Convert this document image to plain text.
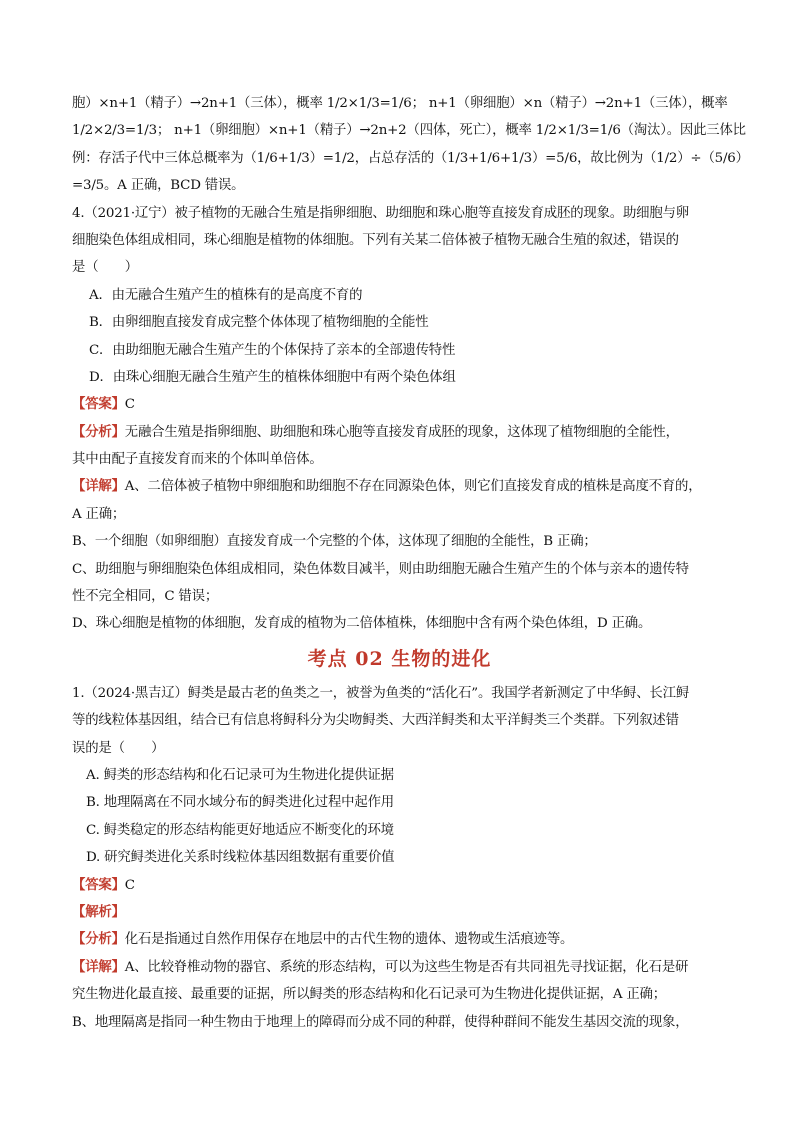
胞）×n+1（精子）→2n+1（三体），概率 1/2×1/3=1/6； n+1（卵细胞）×n（精子）→2n+1（三体），概率
1/2×2/3=1/3； n+1（卵细胞）×n+1（精子）→2n+2（四体，死亡），概率 1/2×1/3=1/6（淘汰）。因此三体比
例：存活子代中三体总概率为（1/6+1/3）=1/2，占总存活的（1/3+1/6+1/3）=5/6，故比例为（1/2）÷（5/6）
=3/5。A 正确，BCD 错误。
4.（2021·辽宁）被子植物的无融合生殖是指卵细胞、助细胞和珠心胞等直接发育成胚的现象。助细胞与卵
细胞染色体组成相同，珠心细胞是植物的体细胞。下列有关某二倍体被子植物无融合生殖的叙述，错误的
是（　　）
A．由无融合生殖产生的植株有的是高度不育的
B．由卵细胞直接发育成完整个体体现了植物细胞的全能性
C．由助细胞无融合生殖产生的个体保持了亲本的全部遗传特性
D．由珠心细胞无融合生殖产生的植株体细胞中有两个染色体组
【答案】C
【分析】无融合生殖是指卵细胞、助细胞和珠心胞等直接发育成胚的现象，这体现了植物细胞的全能性，
其中由配子直接发育而来的个体叫单倍体。
【详解】A、二倍体被子植物中卵细胞和助细胞不存在同源染色体，则它们直接发育成的植株是高度不育的，
A 正确；
B、一个细胞（如卵细胞）直接发育成一个完整的个体，这体现了细胞的全能性，B 正确；
C、助细胞与卵细胞染色体组成相同，染色体数目减半，则由助细胞无融合生殖产生的个体与亲本的遗传特
性不完全相同，C 错误；
D、珠心细胞是植物的体细胞，发育成的植物为二倍体植株，体细胞中含有两个染色体组，D 正确。
考点 02 生物的进化
1.（2024·黑吉辽）鲟类是最古老的鱼类之一，被誉为鱼类的“活化石”。我国学者新测定了中华鲟、长江鲟
等的线粒体基因组，结合已有信息将鲟科分为尖吻鲟类、大西洋鲟类和太平洋鲟类三个类群。下列叙述错
误的是（　　）
A. 鲟类的形态结构和化石记录可为生物进化提供证据
B. 地理隔离在不同水域分布的鲟类进化过程中起作用
C. 鲟类稳定的形态结构能更好地适应不断变化的环境
D. 研究鲟类进化关系时线粒体基因组数据有重要价值
【答案】C
【解析】
【分析】化石是指通过自然作用保存在地层中的古代生物的遗体、遗物或生活痕迹等。
【详解】A、比较脊椎动物的器官、系统的形态结构，可以为这些生物是否有共同祖先寻找证据，化石是研
究生物进化最直接、最重要的证据，所以鲟类的形态结构和化石记录可为生物进化提供证据，A 正确；
B、地理隔离是指同一种生物由于地理上的障碍而分成不同的种群，使得种群间不能发生基因交流的现象，
